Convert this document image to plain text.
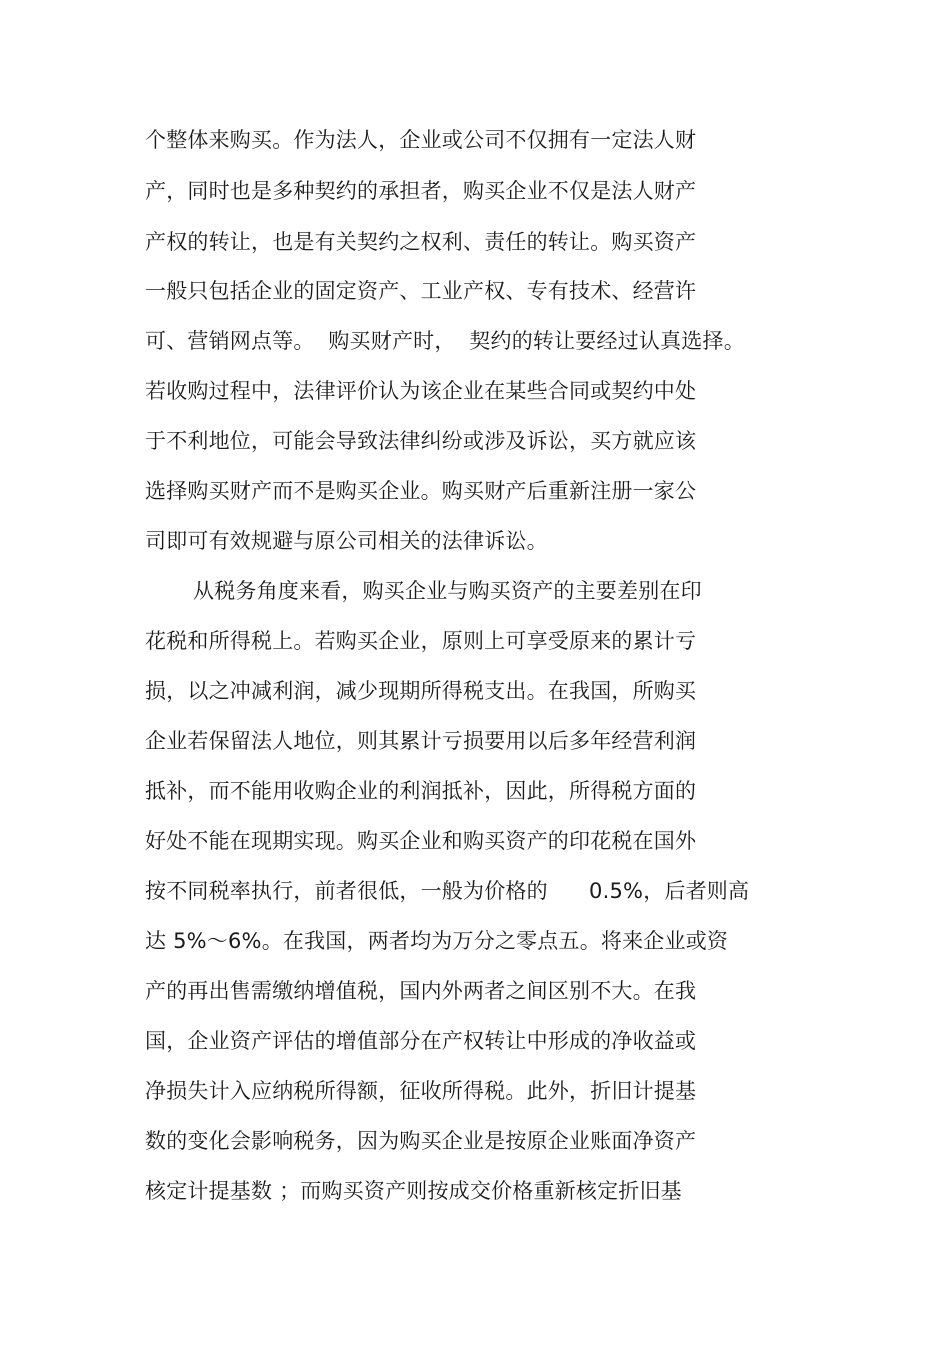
个整体来购买。作为法人，企业或公司不仅拥有一定法人财
产，同时也是多种契约的承担者，购买企业不仅是法人财产
产权的转让，也是有关契约之权利、责任的转让。购买资产
一般只包括企业的固定资产、工业产权、专有技术、经营许
可、营销网点等。  购买财产时，  契约的转让要经过认真选择。
若收购过程中，法律评价认为该企业在某些合同或契约中处
于不利地位，可能会导致法律纠纷或涉及诉讼，买方就应该
选择购买财产而不是购买企业。购买财产后重新注册一家公
司即可有效规避与原公司相关的法律诉讼。
从税务角度来看，购买企业与购买资产的主要差别在印
花税和所得税上。若购买企业，原则上可享受原来的累计亏
损，以之冲减利润，减少现期所得税支出。在我国，所购买
企业若保留法人地位，则其累计亏损要用以后多年经营利润
抵补，而不能用收购企业的利润抵补，因此，所得税方面的
好处不能在现期实现。购买企业和购买资产的印花税在国外
按不同税率执行，前者很低，一般为价格的      0.5%，后者则高
达 5%～6%。在我国，两者均为万分之零点五。将来企业或资
产的再出售需缴纳增值税，国内外两者之间区别不大。在我
国，企业资产评估的增值部分在产权转让中形成的净收益或
净损失计入应纳税所得额，征收所得税。此外，折旧计提基
数的变化会影响税务，因为购买企业是按原企业账面净资产
核定计提基数 ；而购买资产则按成交价格重新核定折旧基
